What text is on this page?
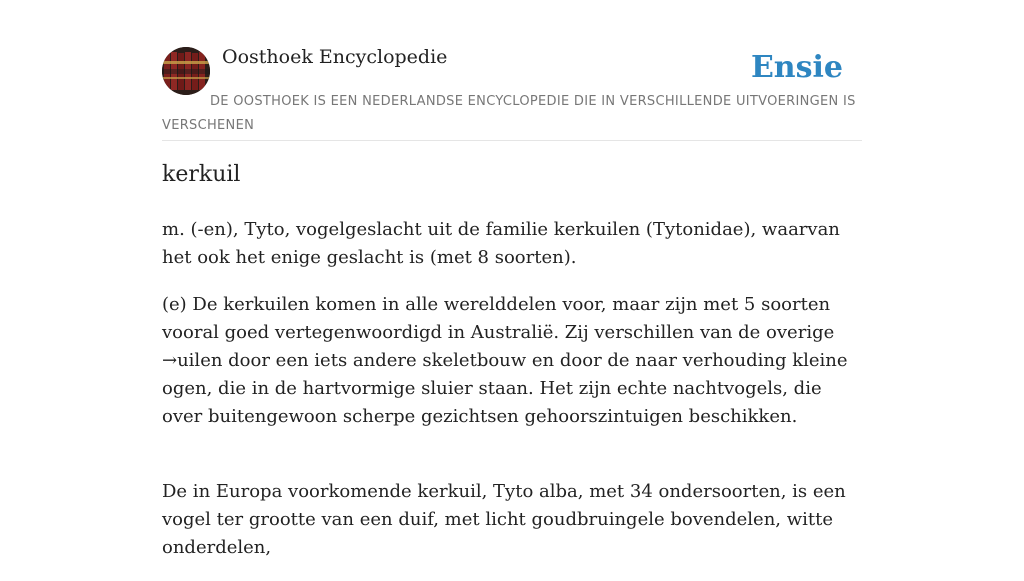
Oosthoek Encyclopedie	Ensie
DE OOSTHOEK IS EEN NEDERLANDSE ENCYCLOPEDIE DIE IN VERSCHILLENDE UITVOERINGEN IS VERSCHENEN
kerkuil

m. (-en), Tyto, vogelgeslacht uit de familie kerkuilen (Tytonidae), waarvan het ook het enige geslacht is (met 8 soorten).

(e) De kerkuilen komen in alle werelddelen voor, maar zijn met 5 soorten vooral goed vertegenwoordigd in Australië. Zij verschillen van de overige →uilen door een iets andere skeletbouw en door de naar verhouding kleine ogen, die in de hartvormige sluier staan. Het zijn echte nachtvogels, die over buitengewoon scherpe gezichtsen gehoorszintuigen beschikken.

De in Europa voorkomende kerkuil, Tyto alba, met 34 ondersoorten, is een vogel ter grootte van een duif, met licht goudbruingele bovendelen, witte onderdelen,
